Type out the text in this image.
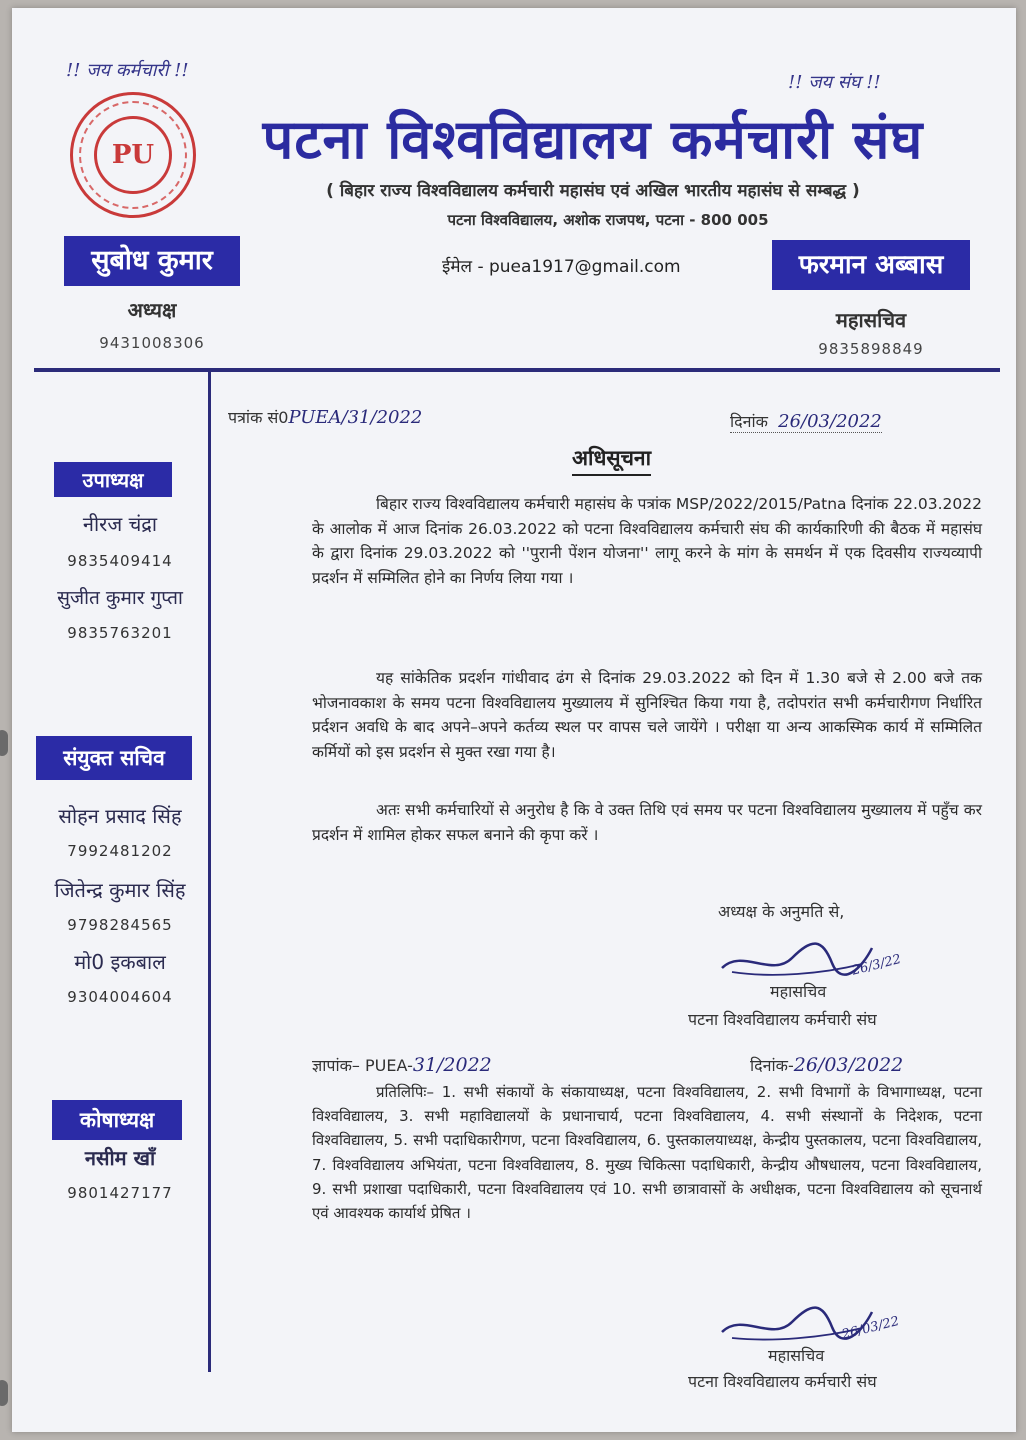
!! जय कर्मचारी !!
!! जय संघ !!
PU	पटना विश्वविद्यालय कर्मचारी संघ
( बिहार राज्य विश्वविद्यालय कर्मचारी महासंघ एवं अखिल भारतीय महासंघ से सम्बद्ध )
पटना विश्वविद्यालय, अशोक राजपथ, पटना - 800 005
सुबोध कुमार
अध्यक्ष
9431008306
ईमेल - puea1917@gmail.com	फरमान अब्बास
महासचिव
9835898849
उपाध्यक्ष
नीरज चंद्रा
9835409414
सुजीत कुमार गुप्ता
9835763201
संयुक्त सचिव
सोहन प्रसाद सिंह
7992481202
जितेन्द्र कुमार सिंह
9798284565
मो0 इकबाल
9304004604
कोषाध्यक्ष
नसीम खाँ
9801427177
पत्रांक सं0PUEA/31/2022	दिनांक 26/03/2022
अधिसूचना
बिहार राज्य विश्वविद्यालय कर्मचारी महासंघ के पत्रांक MSP/2022/2015/Patna दिनांक 22.03.2022 के आलोक में आज दिनांक 26.03.2022 को पटना विश्वविद्यालय कर्मचारी संघ की कार्यकारिणी की बैठक में महासंघ के द्वारा दिनांक 29.03.2022 को ''पुरानी पेंशन योजना'' लागू करने के मांग के समर्थन में एक दिवसीय राज्यव्यापी प्रदर्शन में सम्मिलित होने का निर्णय लिया गया ।
यह सांकेतिक प्रदर्शन गांधीवाद ढंग से दिनांक 29.03.2022 को दिन में 1.30 बजे से 2.00 बजे तक भोजनावकाश के समय पटना विश्वविद्यालय मुख्यालय में सुनिश्चित किया गया है, तदोपरांत सभी कर्मचारीगण निर्धारित प्रर्दशन अवधि के बाद अपने–अपने कर्तव्य स्थल पर वापस चले जायेंगे । परीक्षा या अन्य आकस्मिक कार्य में सम्मिलित कर्मियों को इस प्रदर्शन से मुक्त रखा गया है।
अतः सभी कर्मचारियों से अनुरोध है कि वे उक्त तिथि एवं समय पर पटना विश्वविद्यालय मुख्यालय में पहुँच कर प्रदर्शन में शामिल होकर सफल बनाने की कृपा करें ।
अध्यक्ष के अनुमति से,
26/3/22
महासचिव
पटना विश्वविद्यालय कर्मचारी संघ
ज्ञापांक– PUEA-31/2022	दिनांक-26/03/2022
प्रतिलिपिः– 1. सभी संकायों के संकायाध्यक्ष, पटना विश्वविद्यालय, 2. सभी विभागों के विभागाध्यक्ष, पटना विश्वविद्यालय, 3. सभी महाविद्यालयों के प्रधानाचार्य, पटना विश्वविद्यालय, 4. सभी संस्थानों के निदेशक, पटना विश्वविद्यालय, 5. सभी पदाधिकारीगण, पटना विश्वविद्यालय, 6. पुस्तकालयाध्यक्ष, केन्द्रीय पुस्तकालय, पटना विश्वविद्यालय, 7. विश्वविद्यालय अभियंता, पटना विश्वविद्यालय, 8. मुख्य चिकित्सा पदाधिकारी, केन्द्रीय औषधालय, पटना विश्वविद्यालय, 9. सभी प्रशाखा पदाधिकारी, पटना विश्वविद्यालय एवं 10. सभी छात्रावासों के अधीक्षक, पटना विश्वविद्यालय को सूचनार्थ एवं आवश्यक कार्यार्थ प्रेषित ।
26/03/22
महासचिव
पटना विश्वविद्यालय कर्मचारी संघ
